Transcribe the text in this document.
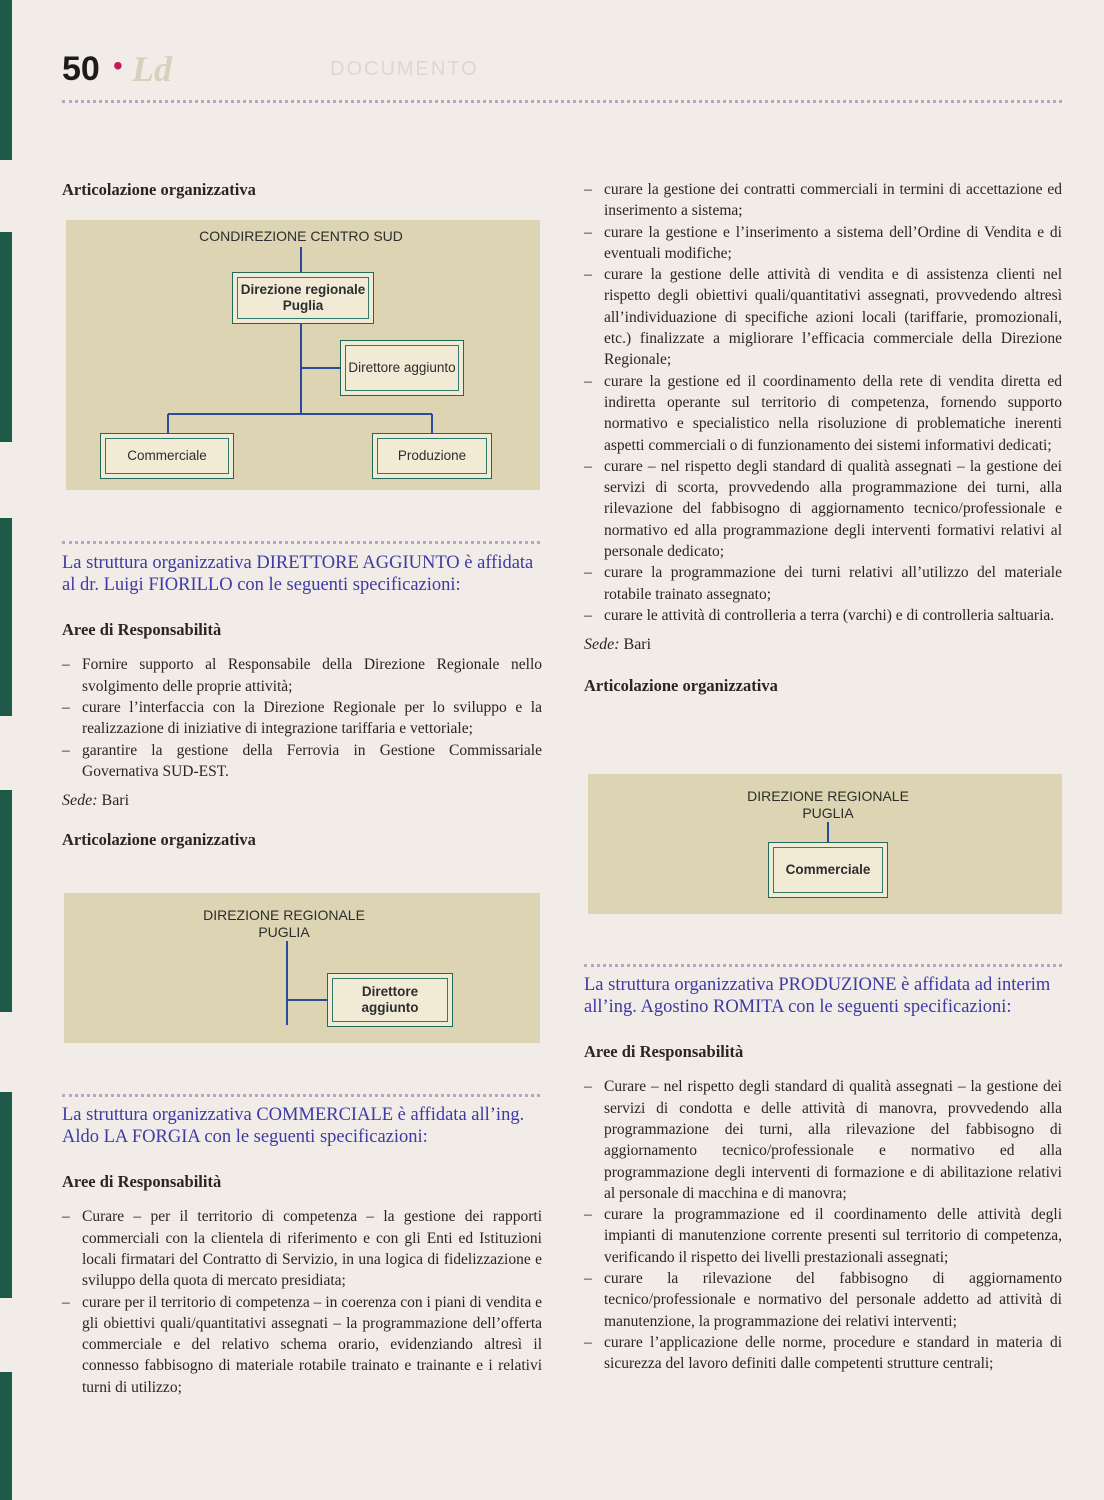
50 • Ld	DOCUMENTO

Articolazione organizzativa

CONDIREZIONE CENTRO SUD
Direzione regionale Puglia
Direttore aggiunto
Commerciale	Produzione

La struttura organizzativa DIRETTORE AGGIUNTO è affidata al dr. Luigi FIORILLO con le seguenti specificazioni:

Aree di Responsabilità

– Fornire supporto al Responsabile della Direzione Regionale nello svolgimento delle proprie attività;
– curare l’interfaccia con la Direzione Regionale per lo sviluppo e la realizzazione di iniziative di integrazione tariffaria e vettoriale;
– garantire la gestione della Ferrovia in Gestione Commissariale Governativa SUD-EST.

Sede: Bari

Articolazione organizzativa

DIREZIONE REGIONALE
PUGLIA
Direttore aggiunto

La struttura organizzativa COMMERCIALE è affidata all’ing. Aldo LA FORGIA con le seguenti specificazioni:

Aree di Responsabilità

– Curare – per il territorio di competenza – la gestione dei rapporti commerciali con la clientela di riferimento e con gli Enti ed Istituzioni locali firmatari del Contratto di Servizio, in una logica di fidelizzazione e sviluppo della quota di mercato presidiata;
– curare per il territorio di competenza – in coerenza con i piani di vendita e gli obiettivi quali/quantitativi assegnati – la programmazione dell’offerta commerciale e del relativo schema orario, evidenziando altresì il connesso fabbisogno di materiale rotabile trainato e trainante e i relativi turni di utilizzo;
– curare la gestione dei contratti commerciali in termini di accettazione ed inserimento a sistema;
– curare la gestione e l’inserimento a sistema dell’Ordine di Vendita e di eventuali modifiche;
– curare la gestione delle attività di vendita e di assistenza clienti nel rispetto degli obiettivi quali/quantitativi assegnati, provvedendo altresì all’individuazione di specifiche azioni locali (tariffarie, promozionali, etc.) finalizzate a migliorare l’efficacia commerciale della Direzione Regionale;
– curare la gestione ed il coordinamento della rete di vendita diretta ed indiretta operante sul territorio di competenza, fornendo supporto normativo e specialistico nella risoluzione di problematiche inerenti aspetti commerciali o di funzionamento dei sistemi informativi dedicati;
– curare – nel rispetto degli standard di qualità assegnati – la gestione dei servizi di scorta, provvedendo alla programmazione dei turni, alla rilevazione del fabbisogno di aggiornamento tecnico/professionale e normativo ed alla programmazione degli interventi formativi relativi al personale dedicato;
– curare la programmazione dei turni relativi all’utilizzo del materiale rotabile trainato assegnato;
– curare le attività di controlleria a terra (varchi) e di controlleria saltuaria.

Sede: Bari

Articolazione organizzativa

DIREZIONE REGIONALE
PUGLIA
Commerciale

La struttura organizzativa PRODUZIONE è affidata ad interim all’ing. Agostino ROMITA con le seguenti specificazioni:

Aree di Responsabilità

– Curare – nel rispetto degli standard di qualità assegnati – la gestione dei servizi di condotta e delle attività di manovra, provvedendo alla programmazione dei turni, alla rilevazione del fabbisogno di aggiornamento tecnico/professionale e normativo ed alla programmazione degli interventi di formazione e di abilitazione relativi al personale di macchina e di manovra;
– curare la programmazione ed il coordinamento delle attività degli impianti di manutenzione corrente presenti sul territorio di competenza, verificando il rispetto dei livelli prestazionali assegnati;
– curare la rilevazione del fabbisogno di aggiornamento tecnico/professionale e normativo del personale addetto ad attività di manutenzione, la programmazione dei relativi interventi;
– curare l’applicazione delle norme, procedure e standard in materia di sicurezza del lavoro definiti dalle competenti strutture centrali;
